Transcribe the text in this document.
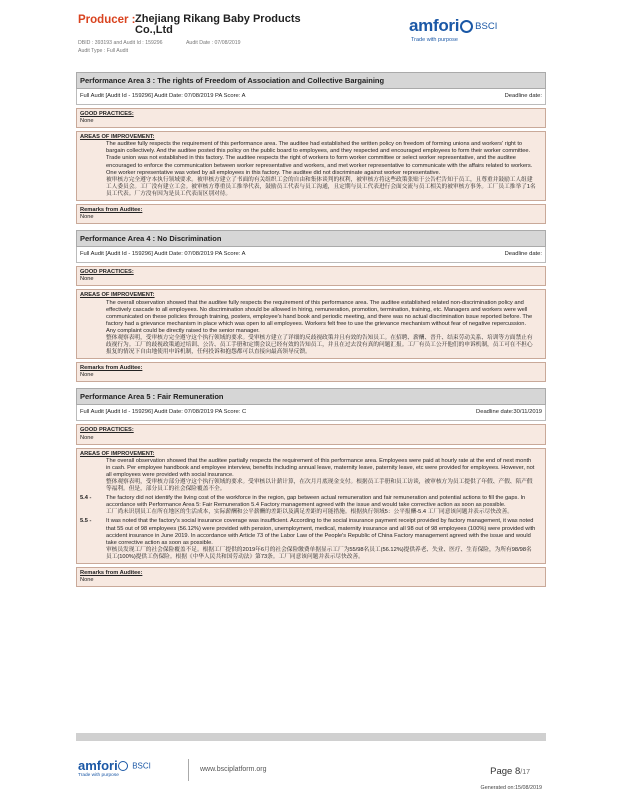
Producer : Zhejiang Rikang Baby Products Co.,Ltd
DBID : 393193 and Audit Id : 159296	Audit Date : 07/08/2019
Audit Type : Full Audit
amfori BSCI
Trade with purpose
Performance Area 3 : The rights of Freedom of Association and Collective Bargaining
Full Audit [Audit Id - 159296] Audit Date: 07/08/2019 PA Score: A	Deadline date:
GOOD PRACTICES:
None
AREAS OF IMPROVEMENT:
The auditee fully respects the requirement of this performance area. The auditee had established the written policy on freedom of forming unions and workers' right to bargain collectively. And the auditee posted this policy on the public board to employees, and they respected and encouraged employees to form their worker committee. Trade union was not established in this factory. The auditee respects the right of workers to form worker committee or select worker representative, and the auditee encouraged to enforce the communication between worker representative and workers, and met worker representative to communicate with the affairs related to workers. One worker representative was voted by all employees in this factory. The auditee did not discriminate against worker representative.
被审核方完全遵守本执行领域要求。被审核方建立了书面的有关组织工会的自由和集体谈判的权利，被审核方将这些政策张贴于公告栏告知于员工，且尊重并鼓励工人组建工人委员会。工厂没有建立工会。被审核方尊重员工推举代表，鼓励员工代表与员工沟通，且定期与员工代表进行会面交流与员工相关的被审核方事务。工厂员工推举了1名员工代表。厂方没有因为是员工代表而区别对待。
Remarks from Auditee:
None
Performance Area 4 : No Discrimination
Full Audit [Audit Id - 159296] Audit Date: 07/08/2019 PA Score: A	Deadline date:
GOOD PRACTICES:
None
AREAS OF IMPROVEMENT:
The overall observation showed that the auditee fully respects the requirement of this performance area. The auditee established related non-discrimination policy and effectively cascade to all employees. No discrimination should be allowed in hiring, remuneration, promotion, termination, training, etc. Managers and workers were well communicated on these policies through training, posters, employee's hand book and periodic meeting, and there was no actual discrimination issue reported before. The factory had a grievance mechanism in place which was open to all employees. Workers felt free to use the grievance mechanism without fear of negative repercussion. Any complaint could be directly raised to the senior manager.
整体观察表明，受审核方完全遵守这个执行领域的要求。受审核方建立了详细的反歧视政策并且有效的告知员工。在招聘、薪酬、晋升、结束劳动关系、培训等方面禁止有歧视行为。工厂的歧视政策通过培训、公告、员工手册和定期会议已经有效的告知员工，并且在过去没有真的问题汇报。工厂有员工公开他们的申诉机制，员工可在不担心报复的情况下自由地使用申诉机制，任何投诉和抱怨都可以直接向最高领导反馈。
Remarks from Auditee:
None
Performance Area 5 : Fair Remuneration
Full Audit [Audit Id - 159296] Audit Date: 07/08/2019 PA Score: C	Deadline date:30/11/2019
GOOD PRACTICES:
None
AREAS OF IMPROVEMENT:
The overall observation showed that the auditee partially respects the requirement of this performance area. Employees were paid at hourly rate at the end of next month in cash. Per employee handbook and employee interview, benefits including annual leave, maternity leave, paternity leave, etc were provided for employees. However, not all employees were provided with social insurance.
整体观察表明，受审核方部分遵守这个执行领域的要求。受审核以计薪计算，在次月月底现金支付。根据员工手册和员工访谈，被审核方为员工提供了年假、产假、陪产假等福利。但是，部分员工的社会保险覆盖不全。
5.4 -	The factory did not identify the living cost of the workforce in the region, gap between actual remuneration and fair remuneration and potential actions to fill the gaps. In accordance with Performance Area 5: Fair Remuneration 5.4 Factory management agreed with the issue and would take corrective action as soon as possible.
工厂尚未识别员工在所在地区的生活成本，实际薪酬和公平薪酬的差距以及满足差距的可能措施。根据执行领域5：公平报酬-5.4 工厂同意该问题并表示尽快改善。
5.5 -	It was noted that the factory's social insurance coverage was insufficient. According to the social insurance payment receipt provided by factory management, it was noted that 55 out of 98 employees (56.12%) were provided with pension, unemployment, medical, maternity insurance and all 98 out of 98 employees (100%) were provided with accident insurance in June 2019. In accordance with Article 73 of the Labor Law of the People's Republic of China Factory management agreed with the issue and would take corrective action as soon as possible.
审核员发现工厂的社会保险覆盖不足。根据工厂提供的2019年6月的社会保险缴费单据显示工厂为55/98名员工(56.12%)提供养老、失业、医疗、生育保险，为所有98/98名员工(100%)提供工伤保险。根据《中华人民共和国劳动法》第73条。工厂同意该问题并表示尽快改善。
Remarks from Auditee:
None
amfori BSCI
Trade with purpose
www.bsciplatform.org	Page 8/17
Generated on:15/08/2019
